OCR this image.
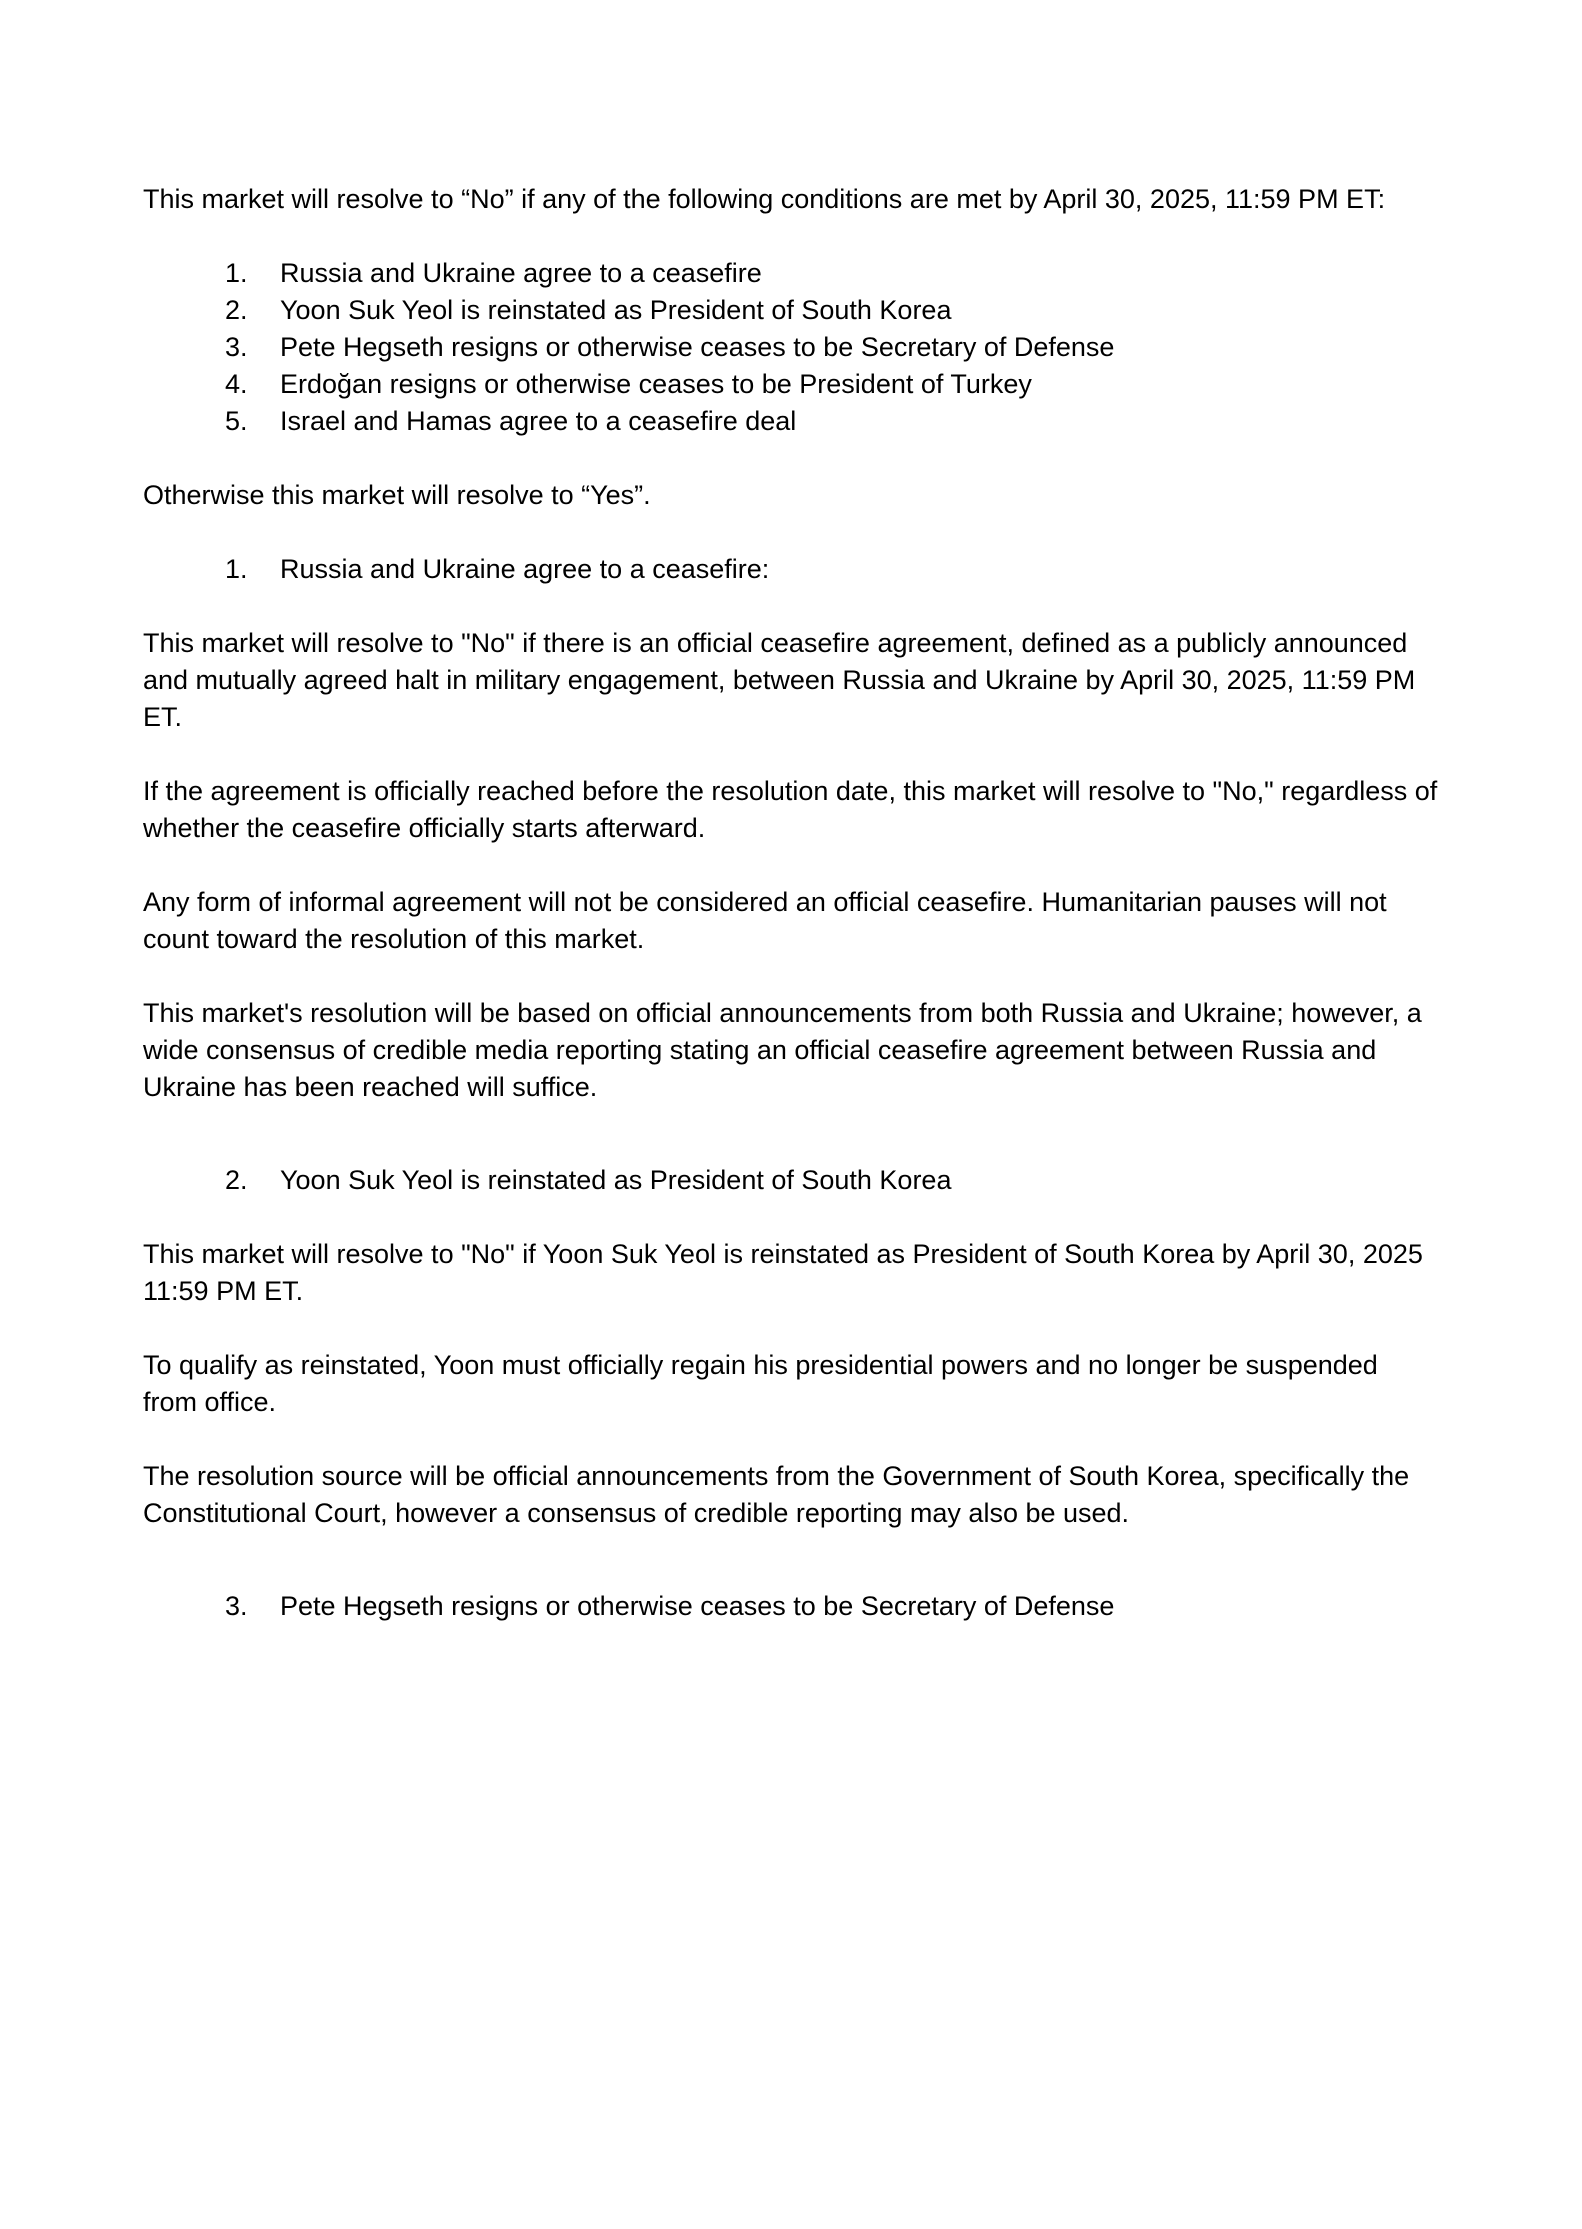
This market will resolve to “No” if any of the following conditions are met by April 30, 2025, 11:59 PM ET:

1.	Russia and Ukraine agree to a ceasefire
2.	Yoon Suk Yeol is reinstated as President of South Korea
3.	Pete Hegseth resigns or otherwise ceases to be Secretary of Defense
4.	Erdoğan resigns or otherwise ceases to be President of Turkey
5.	Israel and Hamas agree to a ceasefire deal

Otherwise this market will resolve to “Yes”.

1.	Russia and Ukraine agree to a ceasefire:

This market will resolve to "No" if there is an official ceasefire agreement, defined as a publicly announced and mutually agreed halt in military engagement, between Russia and Ukraine by April 30, 2025, 11:59 PM ET.

If the agreement is officially reached before the resolution date, this market will resolve to "No," regardless of whether the ceasefire officially starts afterward.

Any form of informal agreement will not be considered an official ceasefire. Humanitarian pauses will not count toward the resolution of this market.

This market's resolution will be based on official announcements from both Russia and Ukraine; however, a wide consensus of credible media reporting stating an official ceasefire agreement between Russia and Ukraine has been reached will suffice.

2.	Yoon Suk Yeol is reinstated as President of South Korea

This market will resolve to "No" if Yoon Suk Yeol is reinstated as President of South Korea by April 30, 2025 11:59 PM ET.

To qualify as reinstated, Yoon must officially regain his presidential powers and no longer be suspended from office.

The resolution source will be official announcements from the Government of South Korea, specifically the Constitutional Court, however a consensus of credible reporting may also be used.

3.	Pete Hegseth resigns or otherwise ceases to be Secretary of Defense
